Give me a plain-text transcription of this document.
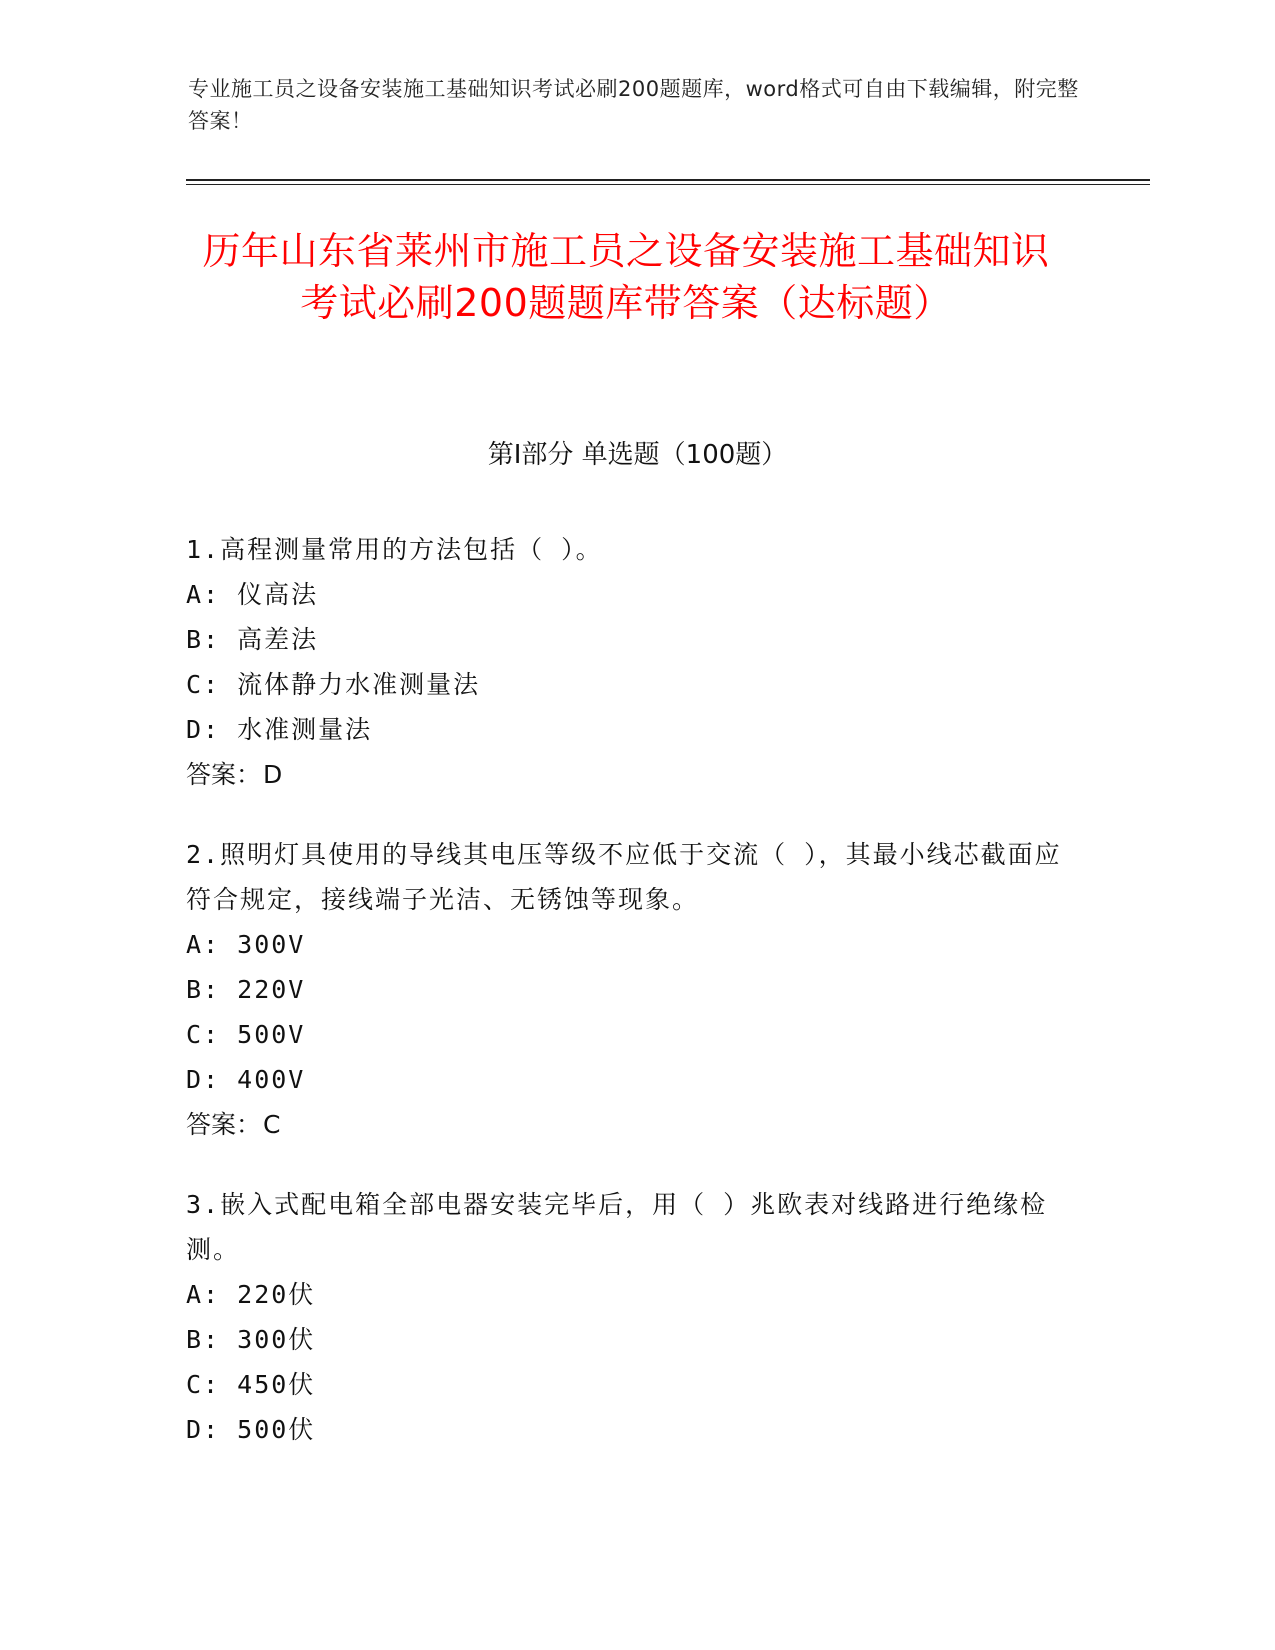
专业施工员之设备安装施工基础知识考试必刷200题题库，word格式可自由下载编辑，附完整答案！
历年山东省莱州市施工员之设备安装施工基础知识考试必刷200题题库带答案（达标题）
第I部分 单选题（100题）

1.高程测量常用的方法包括（ ）。

A: 仪高法

B: 高差法

C: 流体静力水准测量法

D: 水准测量法

答案：D

2.照明灯具使用的导线其电压等级不应低于交流（ ），其最小线芯截面应符合规定，接线端子光洁、无锈蚀等现象。

A: 300V

B: 220V

C: 500V

D: 400V

答案：C

3.嵌入式配电箱全部电器安装完毕后，用（ ）兆欧表对线路进行绝缘检测。

A: 220伏

B: 300伏

C: 450伏

D: 500伏
